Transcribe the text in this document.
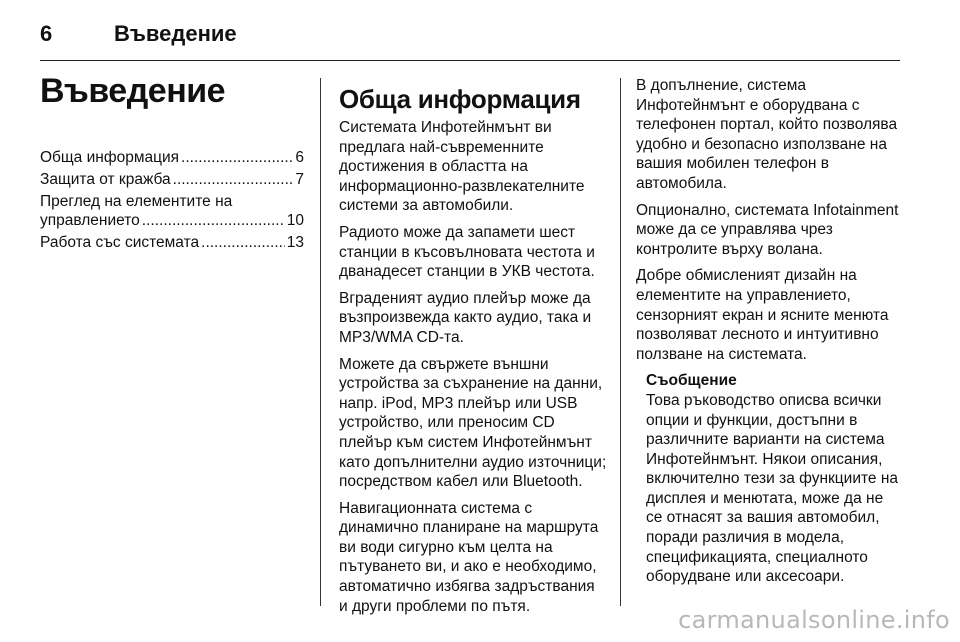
6	Въведение
Въведение
Обща информация .....	6
Защита от кражба .....	7
Преглед на елементите на
управлението .....	10
Работа със системата .....	13
Обща информация

Системата Инфотейнмънт ви предлага най-съвременните достижения в областта на информационно-развлекателните системи за автомобили.

Радиото може да запамети шест станции в късовълновата честота и дванадесет станции в УКВ честота.

Вграденият аудио плейър може да възпроизвежда както аудио, така и MP3/WMA CD-та.

Можете да свържете външни устройства за съхранение на данни, напр. iPod, MP3 плейър или USB устройство, или преносим CD плейър към систем Инфотейнмънт като допълнителни аудио източници; посредством кабел или Bluetooth.

Навигационната система с динамично планиране на маршрута ви води сигурно към целта на пътуването ви, и ако е необходимо, автоматично избягва задръствания и други проблеми по пътя.

В допълнение, система Инфотейнмънт е оборудвана с телефонен портал, който позволява удобно и безопасно използване на вашия мобилен телефон в автомобила.

Опционално, системата Infotainment може да се управлява чрез контролите върху волана.

Добре обмисленият дизайн на елементите на управлението, сензорният екран и ясните менюта позволяват лесното и интуитивно ползване на системата.

Съобщение

Това ръководство описва всички опции и функции, достъпни в различните варианти на система Инфотейнмънт. Някои описания, включително тези за функциите на дисплея и менютата, може да не се отнасят за вашия автомобил, поради различия в модела, спецификацията, специалното оборудване или аксесоари.

carmanualsonline.info
